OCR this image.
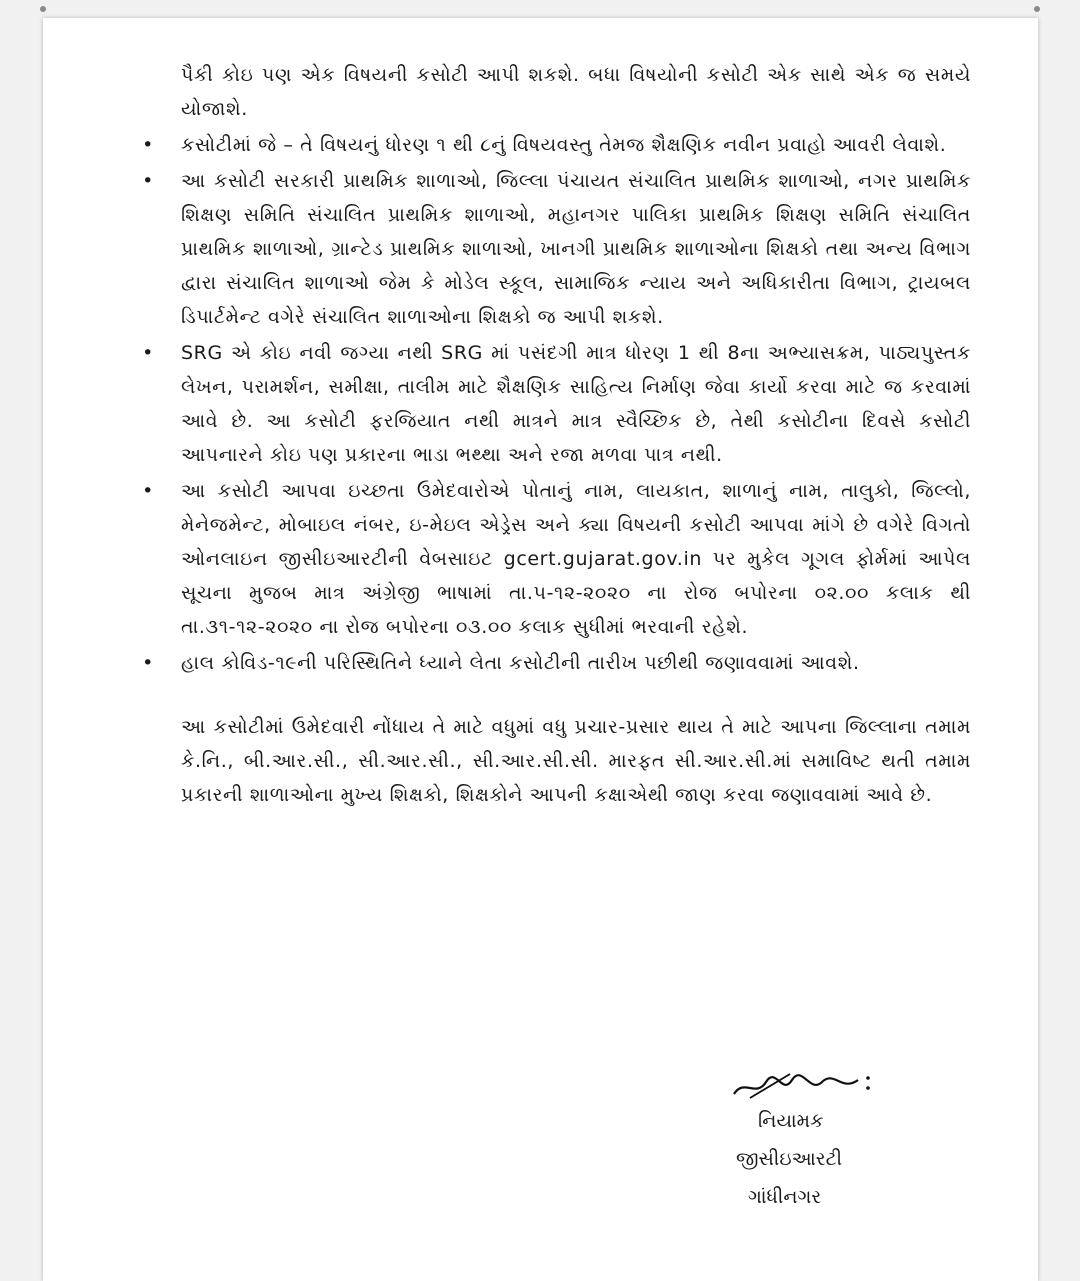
પૈકી કોઇ પણ એક વિષયની કસોટી આપી શકશે. બધા વિષયોની કસોટી એક સાથે એક જ સમયે યોજાશે.

• કસોટીમાં જે – તે વિષયનું ધોરણ ૧ થી ૮નું વિષયવસ્તુ તેમજ શૈક્ષણિક નવીન પ્રવાહો આવરી લેવાશે.
• આ કસોટી સરકારી પ્રાથમિક શાળાઓ, જિલ્લા પંચાયત સંચાલિત પ્રાથમિક શાળાઓ, નગર પ્રાથમિક શિક્ષણ સમિતિ સંચાલિત પ્રાથમિક શાળાઓ, મહાનગર પાલિકા પ્રાથમિક શિક્ષણ સમિતિ સંચાલિત પ્રાથમિક શાળાઓ, ગ્રાન્ટેડ પ્રાથમિક શાળાઓ, ખાનગી પ્રાથમિક શાળાઓના શિક્ષકો તથા અન્ય વિભાગ દ્વારા સંચાલિત શાળાઓ જેમ કે મોડેલ સ્કૂલ, સામાજિક ન્યાય અને અધિકારીતા વિભાગ, ટ્રાયબલ ડિપાર્ટમેન્ટ વગેરે સંચાલિત શાળાઓના શિક્ષકો જ આપી શકશે.
• SRG એ કોઇ નવી જગ્યા નથી SRG માં પસંદગી માત્ર ધોરણ 1 થી 8ના અભ્યાસક્રમ, પાઠ્યપુસ્તક લેખન, પરામર્શન, સમીક્ષા, તાલીમ માટે શૈક્ષણિક સાહિત્ય નિર્માણ જેવા કાર્યો કરવા માટે જ કરવામાં આવે છે. આ કસોટી ફરજિયાત નથી માત્રને માત્ર સ્વૈચ્છિક છે, તેથી કસોટીના દિવસે કસોટી આપનારને કોઇ પણ પ્રકારના ભાડા ભથ્થા અને રજા મળવા પાત્ર નથી.
• આ કસોટી આપવા ઇચ્છતા ઉમેદવારોએ પોતાનું નામ, લાયકાત, શાળાનું નામ, તાલુકો, જિલ્લો, મેનેજમેન્ટ, મોબાઇલ નંબર, ઇ-મેઇલ એડ્રેસ અને ક્યા વિષયની કસોટી આપવા માંગે છે વગેરે વિગતો ઓનલાઇન જીસીઇઆરટીની વેબસાઇટ gcert.gujarat.gov.in પર મુકેલ ગૂગલ ફોર્મમાં આપેલ સૂચના મુજબ માત્ર અંગ્રેજી ભાષામાં તા.૫-૧૨-૨૦૨૦ ના રોજ બપોરના ૦૨.૦૦ કલાક થી તા.૩૧-૧૨-૨૦૨૦ ના રોજ બપોરના ૦૩.૦૦ કલાક સુધીમાં ભરવાની રહેશે.
• હાલ કોવિડ-૧૯ની પરિસ્થિતિને ધ્યાને લેતા કસોટીની તારીખ પછીથી જણાવવામાં આવશે.

આ કસોટીમાં ઉમેદવારી નોંધાય તે માટે વધુમાં વધુ પ્રચાર-પ્રસાર થાય તે માટે આપના જિલ્લાના તમામ કે.નિ., બી.આર.સી., સી.આર.સી., સી.આર.સી.સી. મારફત સી.આર.સી.માં સમાવિષ્ટ થતી તમામ પ્રકારની શાળાઓના મુખ્ય શિક્ષકો, શિક્ષકોને આપની કક્ષાએથી જાણ કરવા જણાવવામાં આવે છે.

નિયામક
જીસીઇઆરટી
ગાંધીનગર
